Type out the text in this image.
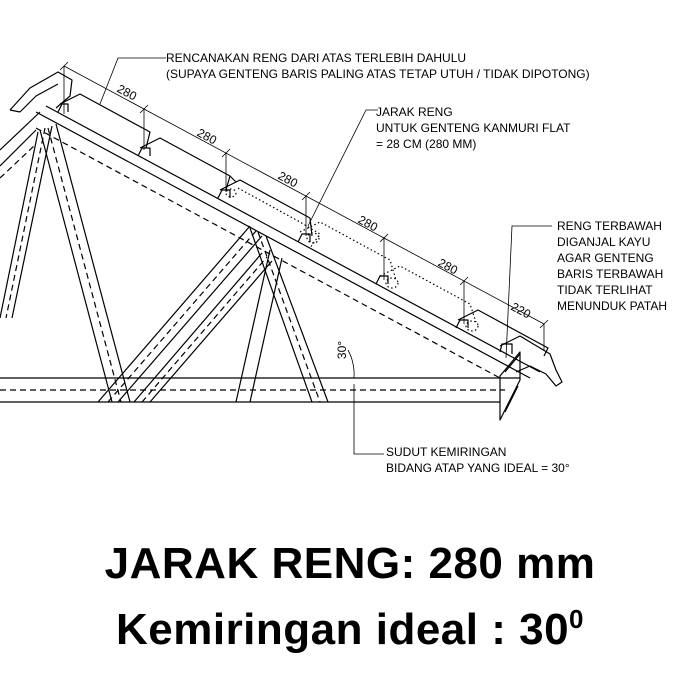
280
280
280
280
280
220
30°
RENCANAKAN RENG DARI ATAS TERLEBIH DAHULU
(SUPAYA GENTENG BARIS PALING ATAS TETAP UTUH / TIDAK DIPOTONG)
JARAK RENG
UNTUK GENTENG KANMURI FLAT
= 28 CM (280 MM)
RENG TERBAWAH
DIGANJAL KAYU
AGAR GENTENG
BARIS TERBAWAH
TIDAK TERLIHAT
MENUNDUK PATAH
SUDUT KEMIRINGAN
BIDANG ATAP YANG IDEAL = 30°
JARAK RENG: 280 mm
Kemiringan ideal : $30^0$
